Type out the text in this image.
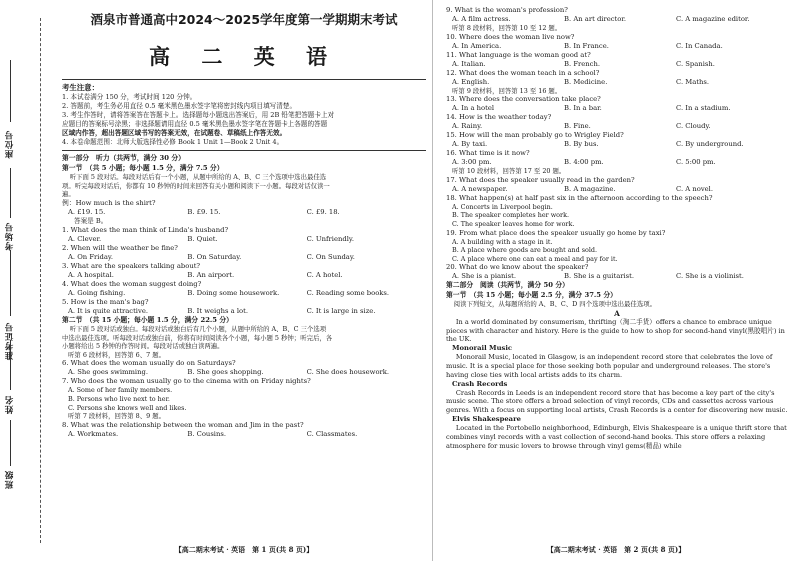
座位号
考场号
准考证号
姓名
班级
酒泉市普通高中2024～2025学年度第一学期期末考试
高 二 英 语
考生注意：
1. 本试卷满分 150 分，考试时间 120 分钟。
2. 答题前，考生务必用直径 0.5 毫米黑色墨水签字笔将密封线内项目填写清楚。
3. 考生作答时，请将答案答在答题卡上。选择题每小题选出答案后，用 2B 铅笔把答题卡上对
应题目的答案标号涂黑；非选择题请用直径 0.5 毫米黑色墨水签字笔在答题卡上各题的答题
区域内作答，超出答题区域书写的答案无效，在试题卷、草稿纸上作答无效。
4. 本卷命题范围：北师大版选择性必修 Book 1 Unit 1—Book 2 Unit 4。
第一部分　听力（共两节，满分 30 分）
第一节　（共 5 小题；每小题 1.5 分，满分 7.5 分）
听下面 5 段对话。每段对话后有一个小题，从题中所给的 A、B、C 三个选项中选出最佳选
项。听完每段对话后，你都有 10 秒钟的时间来回答有关小题和阅读下一小题。每段对话仅读一
遍。
例：How much is the shirt?
A. £19. 15.	B. £9. 15.	C. £9. 18.
答案是 B。
1. What does the man think of Linda's husband?
A. Clever.	B. Quiet.	C. Unfriendly.
2. When will the weather be fine?
A. On Friday.	B. On Saturday.	C. On Sunday.
3. What are the speakers talking about?
A. A hospital.	B. An airport.	C. A hotel.
4. What does the woman suggest doing?
A. Going fishing.	B. Doing some housework.	C. Reading some books.
5. How is the man's bag?
A. It is quite attractive.	B. It weighs a lot.	C. It is large in size.
第二节　（共 15 小题；每小题 1.5 分，满分 22.5 分）
听下面 5 段对话或独白。每段对话或独白后有几个小题，从题中所给的 A、B、C 三个选项
中选出最佳选项。听每段对话或独白前，你将有时间阅读各个小题，每小题 5 秒钟；听完后，各
小题将给出 5 秒钟的作答时间。每段对话或独白读两遍。
听第 6 段材料，回答第 6、7 题。
6. What does the woman usually do on Saturdays?
A. She goes swimming.	B. She goes shopping.	C. She does housework.
7. Who does the woman usually go to the cinema with on Friday nights?
A. Some of her family members.
B. Persons who live next to her.
C. Persons she knows well and likes.
听第 7 段材料，回答第 8、9 题。
8. What was the relationship between the woman and Jim in the past?
A. Workmates.	B. Cousins.	C. Classmates.
【高二期末考试 · 英语　第 1 页(共 8 页)】
9. What is the woman's profession?
A. A film actress.	B. An art director.	C. A magazine editor.
听第 8 段材料，回答第 10 至 12 题。
10. Where does the woman live now?
A. In America.	B. In France.	C. In Canada.
11. What language is the woman good at?
A. Italian.	B. French.	C. Spanish.
12. What does the woman teach in a school?
A. English.	B. Medicine.	C. Maths.
听第 9 段材料，回答第 13 至 16 题。
13. Where does the conversation take place?
A. In a hotel	B. In a bar.	C. In a stadium.
14. How is the weather today?
A. Rainy.	B. Fine.	C. Cloudy.
15. How will the man probably go to Wrigley Field?
A. By taxi.	B. By bus.	C. By underground.
16. What time is it now?
A. 3:00 pm.	B. 4:00 pm.	C. 5:00 pm.
听第 10 段材料，回答第 17 至 20 题。
17. What does the speaker usually read in the garden?
A. A newspaper.	B. A magazine.	C. A novel.
18. What happen(s) at half past six in the afternoon according to the speech?
A. Concerts in Liverpool begin.
B. The speaker completes her work.
C. The speaker leaves home for work.
19. From what place does the speaker usually go home by taxi?
A. A building with a stage in it.
B. A place where goods are bought and sold.
C. A place where one can eat a meal and pay for it.
20. What do we know about the speaker?
A. She is a pianist.	B. She is a guitarist.	C. She is a violinist.
第二部分　阅读（共两节，满分 50 分）
第一节　（共 15 小题；每小题 2.5 分，满分 37.5 分）
阅读下列短文，从每题所给的 A、B、C、D 四个选项中选出最佳选项。
A
In a world dominated by consumerism, thrifting（淘二手货）offers a chance to embrace unique pieces with character and history. Here is the guide to how to shop for second-hand vinyl(黑胶唱片) in the UK.
Monorail Music
Monorail Music, located in Glasgow, is an independent record store that celebrates the love of music. It is a special place for those seeking both popular and underground releases. The store's having close ties with local artists adds to its charm.
Crash Records
Crash Records in Leeds is an independent record store that has become a key part of the city's music scene. The store offers a broad selection of vinyl records, CDs and cassettes across various genres. With a focus on supporting local artists, Crash Records is a center for discovering new music.
Elvis Shakespeare
Located in the Portobello neighborhood, Edinburgh, Elvis Shakespeare is a unique thrift store that combines vinyl records with a vast collection of second-hand books. This store offers a relaxing atmosphere for music lovers to browse through vinyl gems(精品) while
【高二期末考试 · 英语　第 2 页(共 8 页)】
